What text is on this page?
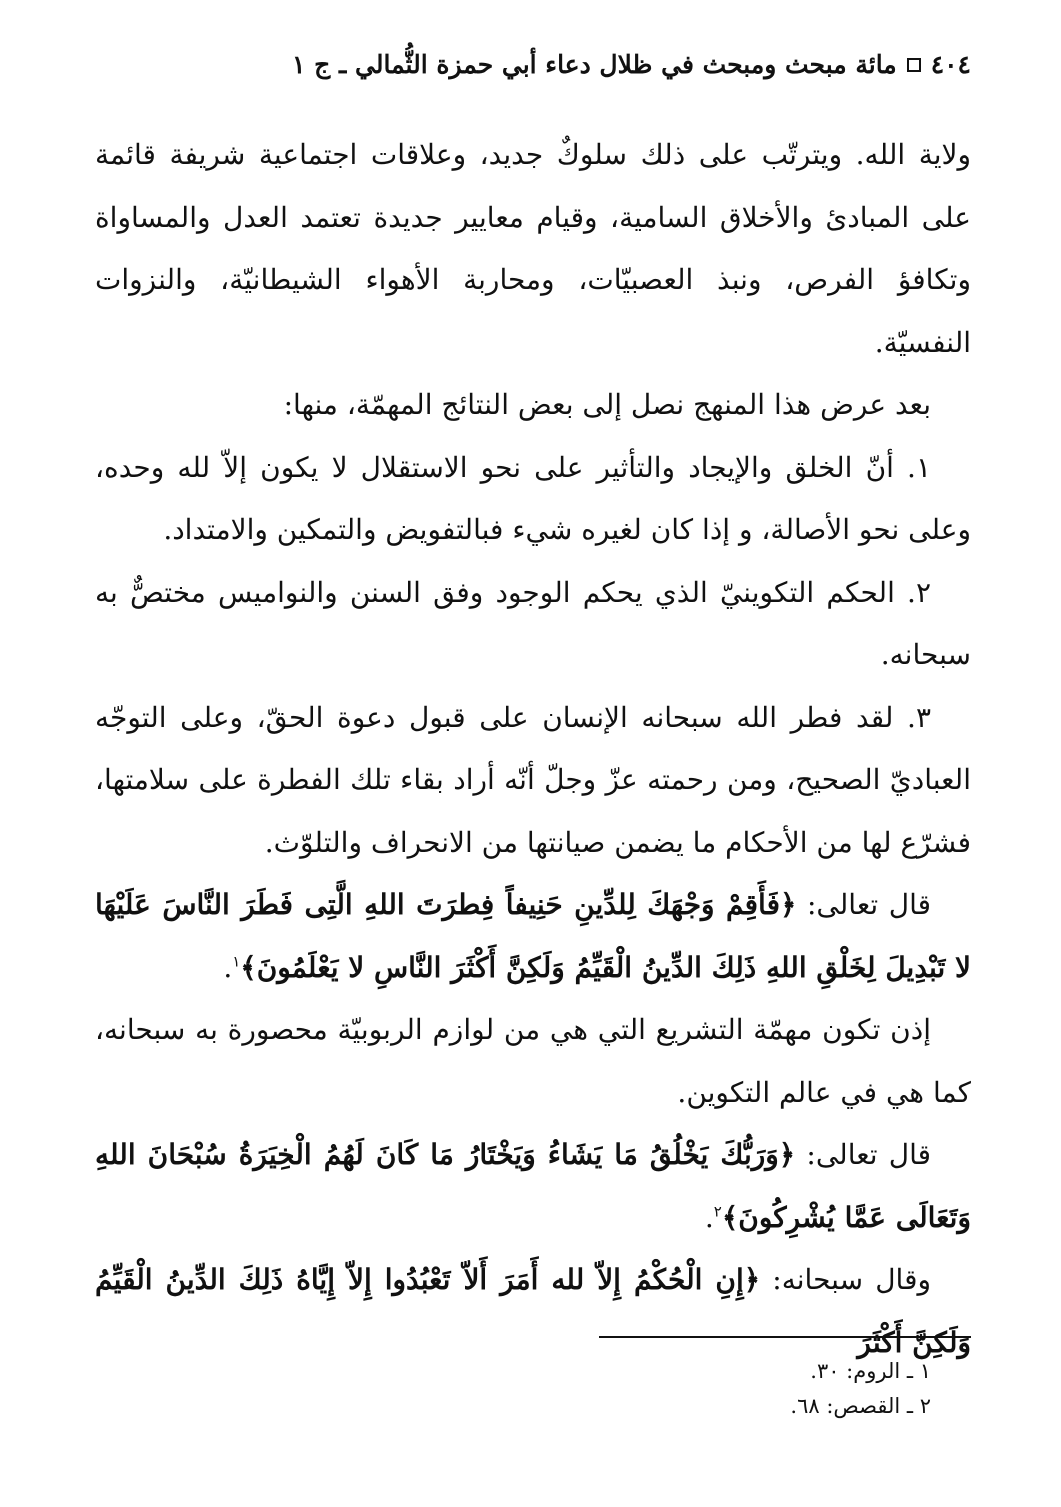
٤٠٤
مائة مبحث ومبحث في ظلال دعاء أبي حمزة الثُّمالي ـ ج ١

ولاية الله. ويترتّب على ذلك سلوكٌ جديد، وعلاقات اجتماعية شريفة قائمة على المبادئ والأخلاق السامية، وقيام معايير جديدة تعتمد العدل والمساواة وتكافؤ الفرص، ونبذ العصبيّات، ومحاربة الأهواء الشيطانيّة، والنزوات النفسيّة.

بعد عرض هذا المنهج نصل إلى بعض النتائج المهمّة، منها:

١. أنّ الخلق والإيجاد والتأثير على نحو الاستقلال لا يكون إلاّ لله وحده، وعلى نحو الأصالة، و إذا كان لغيره شيء فبالتفويض والتمكين والامتداد.

٢. الحكم التكوينيّ الذي يحكم الوجود وفق السنن والنواميس مختصٌّ به سبحانه.

٣. لقد فطر الله سبحانه الإنسان على قبول دعوة الحقّ، وعلى التوجّه العباديّ الصحيح، ومن رحمته عزّ وجلّ أنّه أراد بقاء تلك الفطرة على سلامتها، فشرّع لها من الأحكام ما يضمن صيانتها من الانحراف والتلوّث.

قال تعالى: ﴿فَأَقِمْ وَجْهَكَ لِلدِّينِ حَنِيفاً فِطرَتَ اللهِ الَّتِى فَطَرَ النَّاسَ عَلَيْهَا لا تَبْدِيلَ لِخَلْقِ اللهِ ذَلِكَ الدِّينُ الْقَيِّمُ وَلَكِنَّ أَكْثَرَ النَّاسِ لا يَعْلَمُونَ﴾$^١$.

إذن تكون مهمّة التشريع التي هي من لوازم الربوبيّة محصورة به سبحانه، كما هي في عالم التكوين.

قال تعالى: ﴿وَرَبُّكَ يَخْلُقُ مَا يَشَاءُ وَيَخْتَارُ مَا كَانَ لَهُمُ الْخِيَرَةُ سُبْحَانَ اللهِ وَتَعَالَى عَمَّا يُشْرِكُونَ﴾$^٢$.

وقال سبحانه: ﴿إِنِ الْحُكْمُ إِلاّ لله أَمَرَ أَلاّ تَعْبُدُوا إِلاّ إِيَّاهُ ذَلِكَ الدِّينُ الْقَيِّمُ وَلَكِنَّ أَكْثَرَ

١ ـ الروم: ٣٠.
٢ ـ القصص: ٦٨.
